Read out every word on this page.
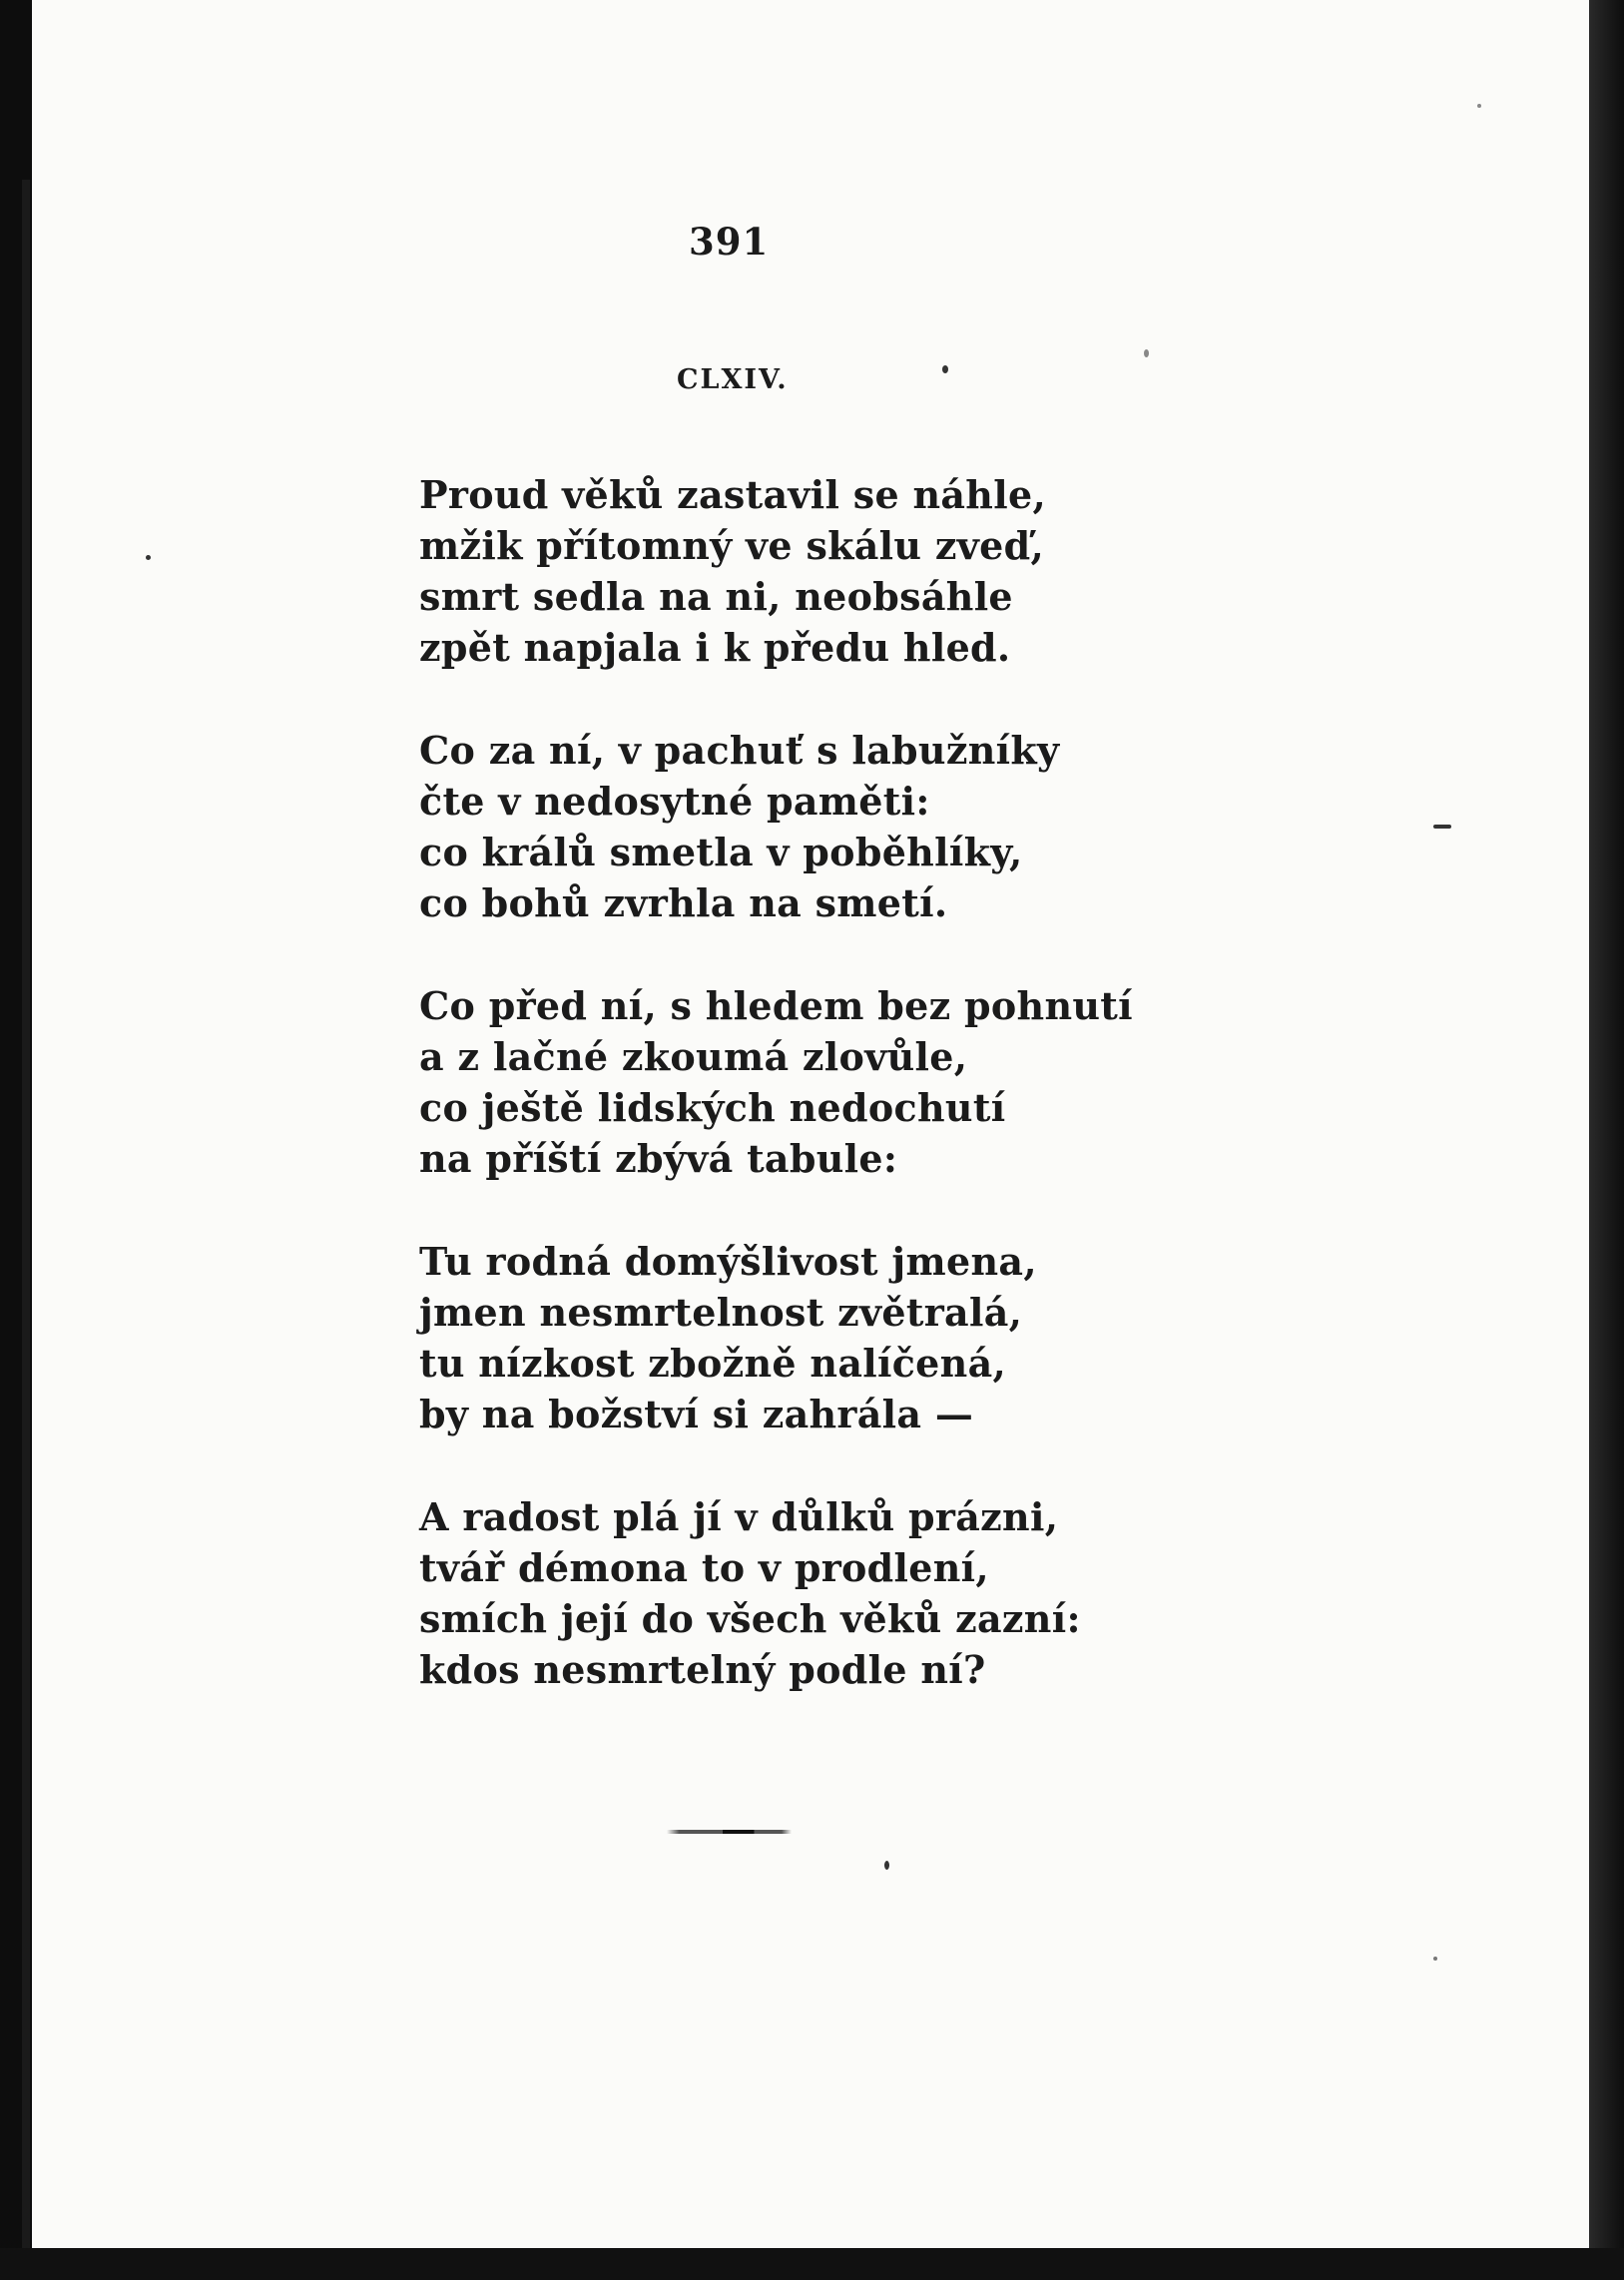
391
CLXIV.
Proud věků zastavil se náhle,
mžik přítomný ve skálu zveď,
smrt sedla na ni, neobsáhle
zpět napjala i k předu hled.
Co za ní, v pachuť s labužníky
čte v nedosytné paměti:
co králů smetla v poběhlíky,
co bohů zvrhla na smetí.
Co před ní, s hledem bez pohnutí
a z lačné zkoumá zlovůle,
co ještě lidských nedochutí
na příští zbývá tabule:
Tu rodná domýšlivost jmena,
jmen nesmrtelnost zvětralá,
tu nízkost zbožně nalíčená,
by na božství si zahrála —
A radost plá jí v důlků prázni,
tvář démona to v prodlení,
smích její do všech věků zazní:
kdos nesmrtelný podle ní?
